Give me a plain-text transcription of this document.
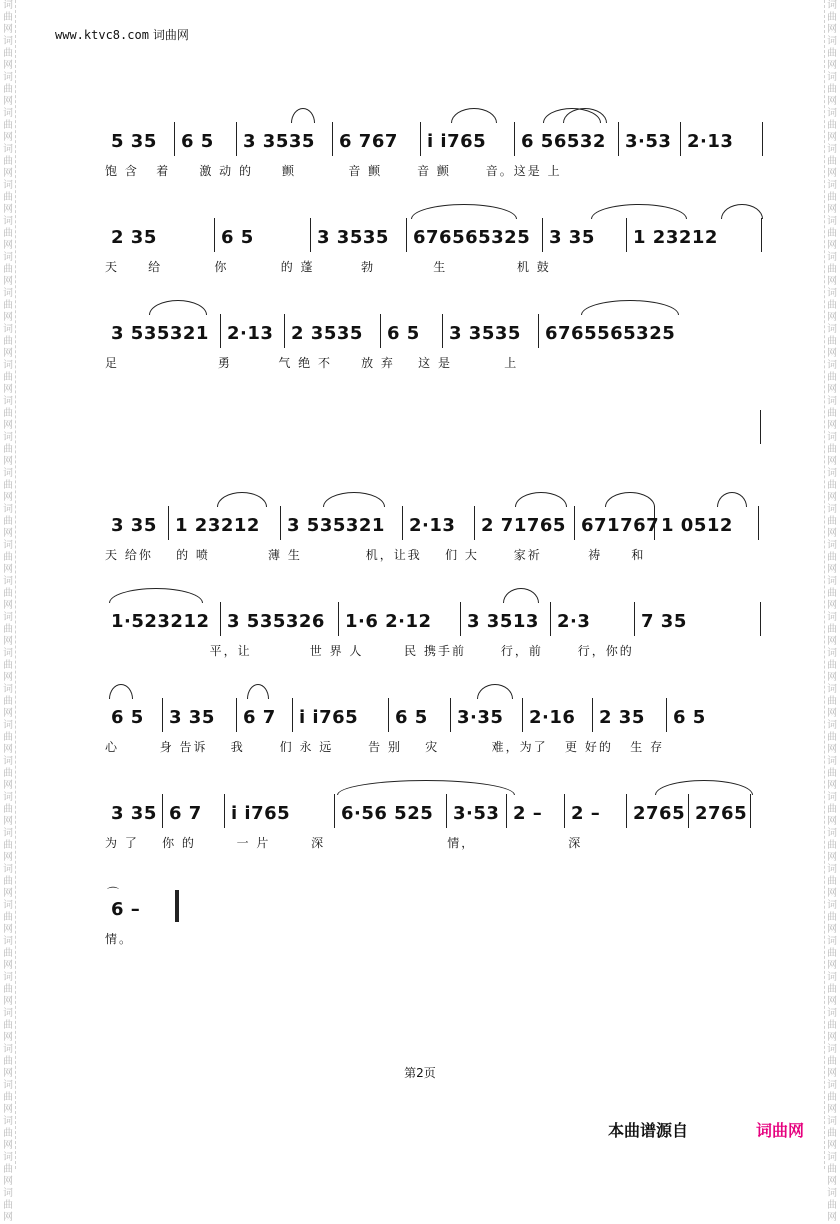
词曲网词曲网词曲网词曲网词曲网词曲网词曲网词曲网词曲网词曲网词曲网词曲网词曲网词曲网词曲网词曲网词曲网词曲网词曲网词曲网词曲网词曲网词曲网词曲网词曲网词曲网词曲网词曲网词曲网词曲网词曲网词曲网词曲网词曲网
词曲网词曲网词曲网词曲网词曲网词曲网词曲网词曲网词曲网词曲网词曲网词曲网词曲网词曲网词曲网词曲网词曲网词曲网词曲网词曲网词曲网词曲网词曲网词曲网词曲网词曲网词曲网词曲网词曲网词曲网词曲网词曲网词曲网词曲网
www.ktvc8.com 词曲网
5 35	6 5	3 3535	6 767	i̇ i̇765	6 56532	3·53 2·13
饱 含   着     激 动 的     颤         音 颤      音 颤      音。这是 上
2 35	6 5	3 3535	676565325	3 35	1 23212
天     给         你         的 蓬        勃          生            机 鼓
3 535321	2·13 2 3535	6 5	3 3535	6765565325
足                 勇        气 绝 不     放 弃    这 是         上
3 35	1 23212	3 535321	2·13	2 71765 671767 1 0512
天 给你    的 喷          薄 生           机，让我    们 大      家祈        祷     和
1·523212 3 535326	1·6 2·12	3 3513	2·3	7 35
平，让          世 界 人       民 携手前      行，前      行，你的
6 5	3 35	6 7	i̇ i̇765	6 5	3·35	2·16	2 35	6 5
心       身 告诉    我      们 永 远      告 别    灾         难，为了   更 好的   生 存
3 35 6 7	i̇ i̇765	6·56 525	3·53 2 –	2 –	2765 2765
为 了    你 的       一 片       深                     情，                深
6 –
情。
⌒
第2页
本曲谱源自	词曲网
